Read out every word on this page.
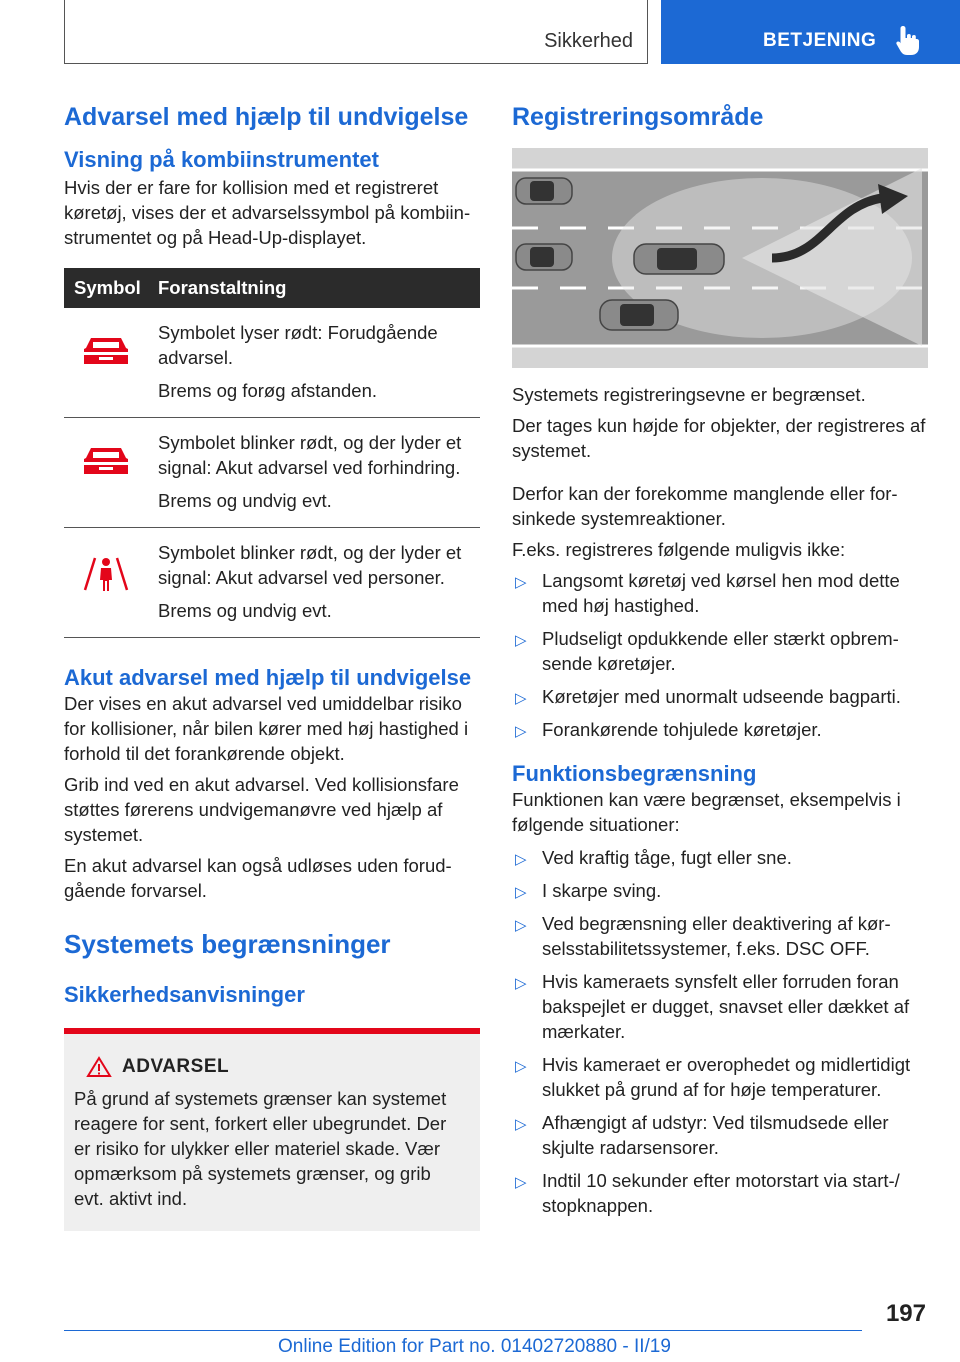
Sikkerhed	BETJENING
Advarsel med hjælp til undvigelse
Visning på kombiinstrumentet

Hvis der er fare for kollision med et registreret køretøj, vises der et advarselssymbol på kombiinstrumentet og på Head-Up-displayet.

Symbol	Foranstaltning

Symbolet lyser rødt: Forudgående advarsel.

Brems og forøg afstanden.

Symbolet blinker rødt, og der lyder et signal: Akut advarsel ved forhindring.

Brems og undvig evt.

Symbolet blinker rødt, og der lyder et signal: Akut advarsel ved personer.

Brems og undvig evt.

Akut advarsel med hjælp til undvigelse

Der vises en akut advarsel ved umiddelbar risiko for kollisioner, når bilen kører med høj hastighed i forhold til det forankørende objekt.

Grib ind ved en akut advarsel. Ved kollisionsfare støttes førerens undvigemanøvre ved hjælp af systemet.

En akut advarsel kan også udløses uden forudgående forvarsel.

Systemets begrænsninger
Sikkerhedsanvisninger
ADVARSEL

På grund af systemets grænser kan systemet reagere for sent, forkert eller ubegrundet. Der er risiko for ulykker eller materiel skade. Vær opmærksom på systemets grænser, og grib evt. aktivt ind.

Registreringsområde

Systemets registreringsevne er begrænset.

Der tages kun højde for objekter, der registreres af systemet.

Derfor kan der forekomme manglende eller forsinkede systemreaktioner.

F.eks. registreres følgende muligvis ikke:

▷ Langsomt køretøj ved kørsel hen mod dette med høj hastighed.
▷ Pludseligt opdukkende eller stærkt opbremsende køretøjer.
▷ Køretøjer med unormalt udseende bagparti.
▷ Forankørende tohjulede køretøjer.
Funktionsbegrænsning

Funktionen kan være begrænset, eksempelvis i følgende situationer:

▷ Ved kraftig tåge, fugt eller sne.
▷ I skarpe sving.
▷ Ved begrænsning eller deaktivering af kørselsstabilitetssystemer, f.eks. DSC OFF.
▷ Hvis kameraets synsfelt eller forruden foran bakspejlet er dugget, snavset eller dækket af mærkater.
▷ Hvis kameraet er overophedet og midlertidigt slukket på grund af for høje temperaturer.
▷ Afhængigt af udstyr: Ved tilsmudsede eller skjulte radarsensorer.
▷ Indtil 10 sekunder efter motorstart via start-/ stopknappen.
197
Online Edition for Part no. 01402720880 - II/19
